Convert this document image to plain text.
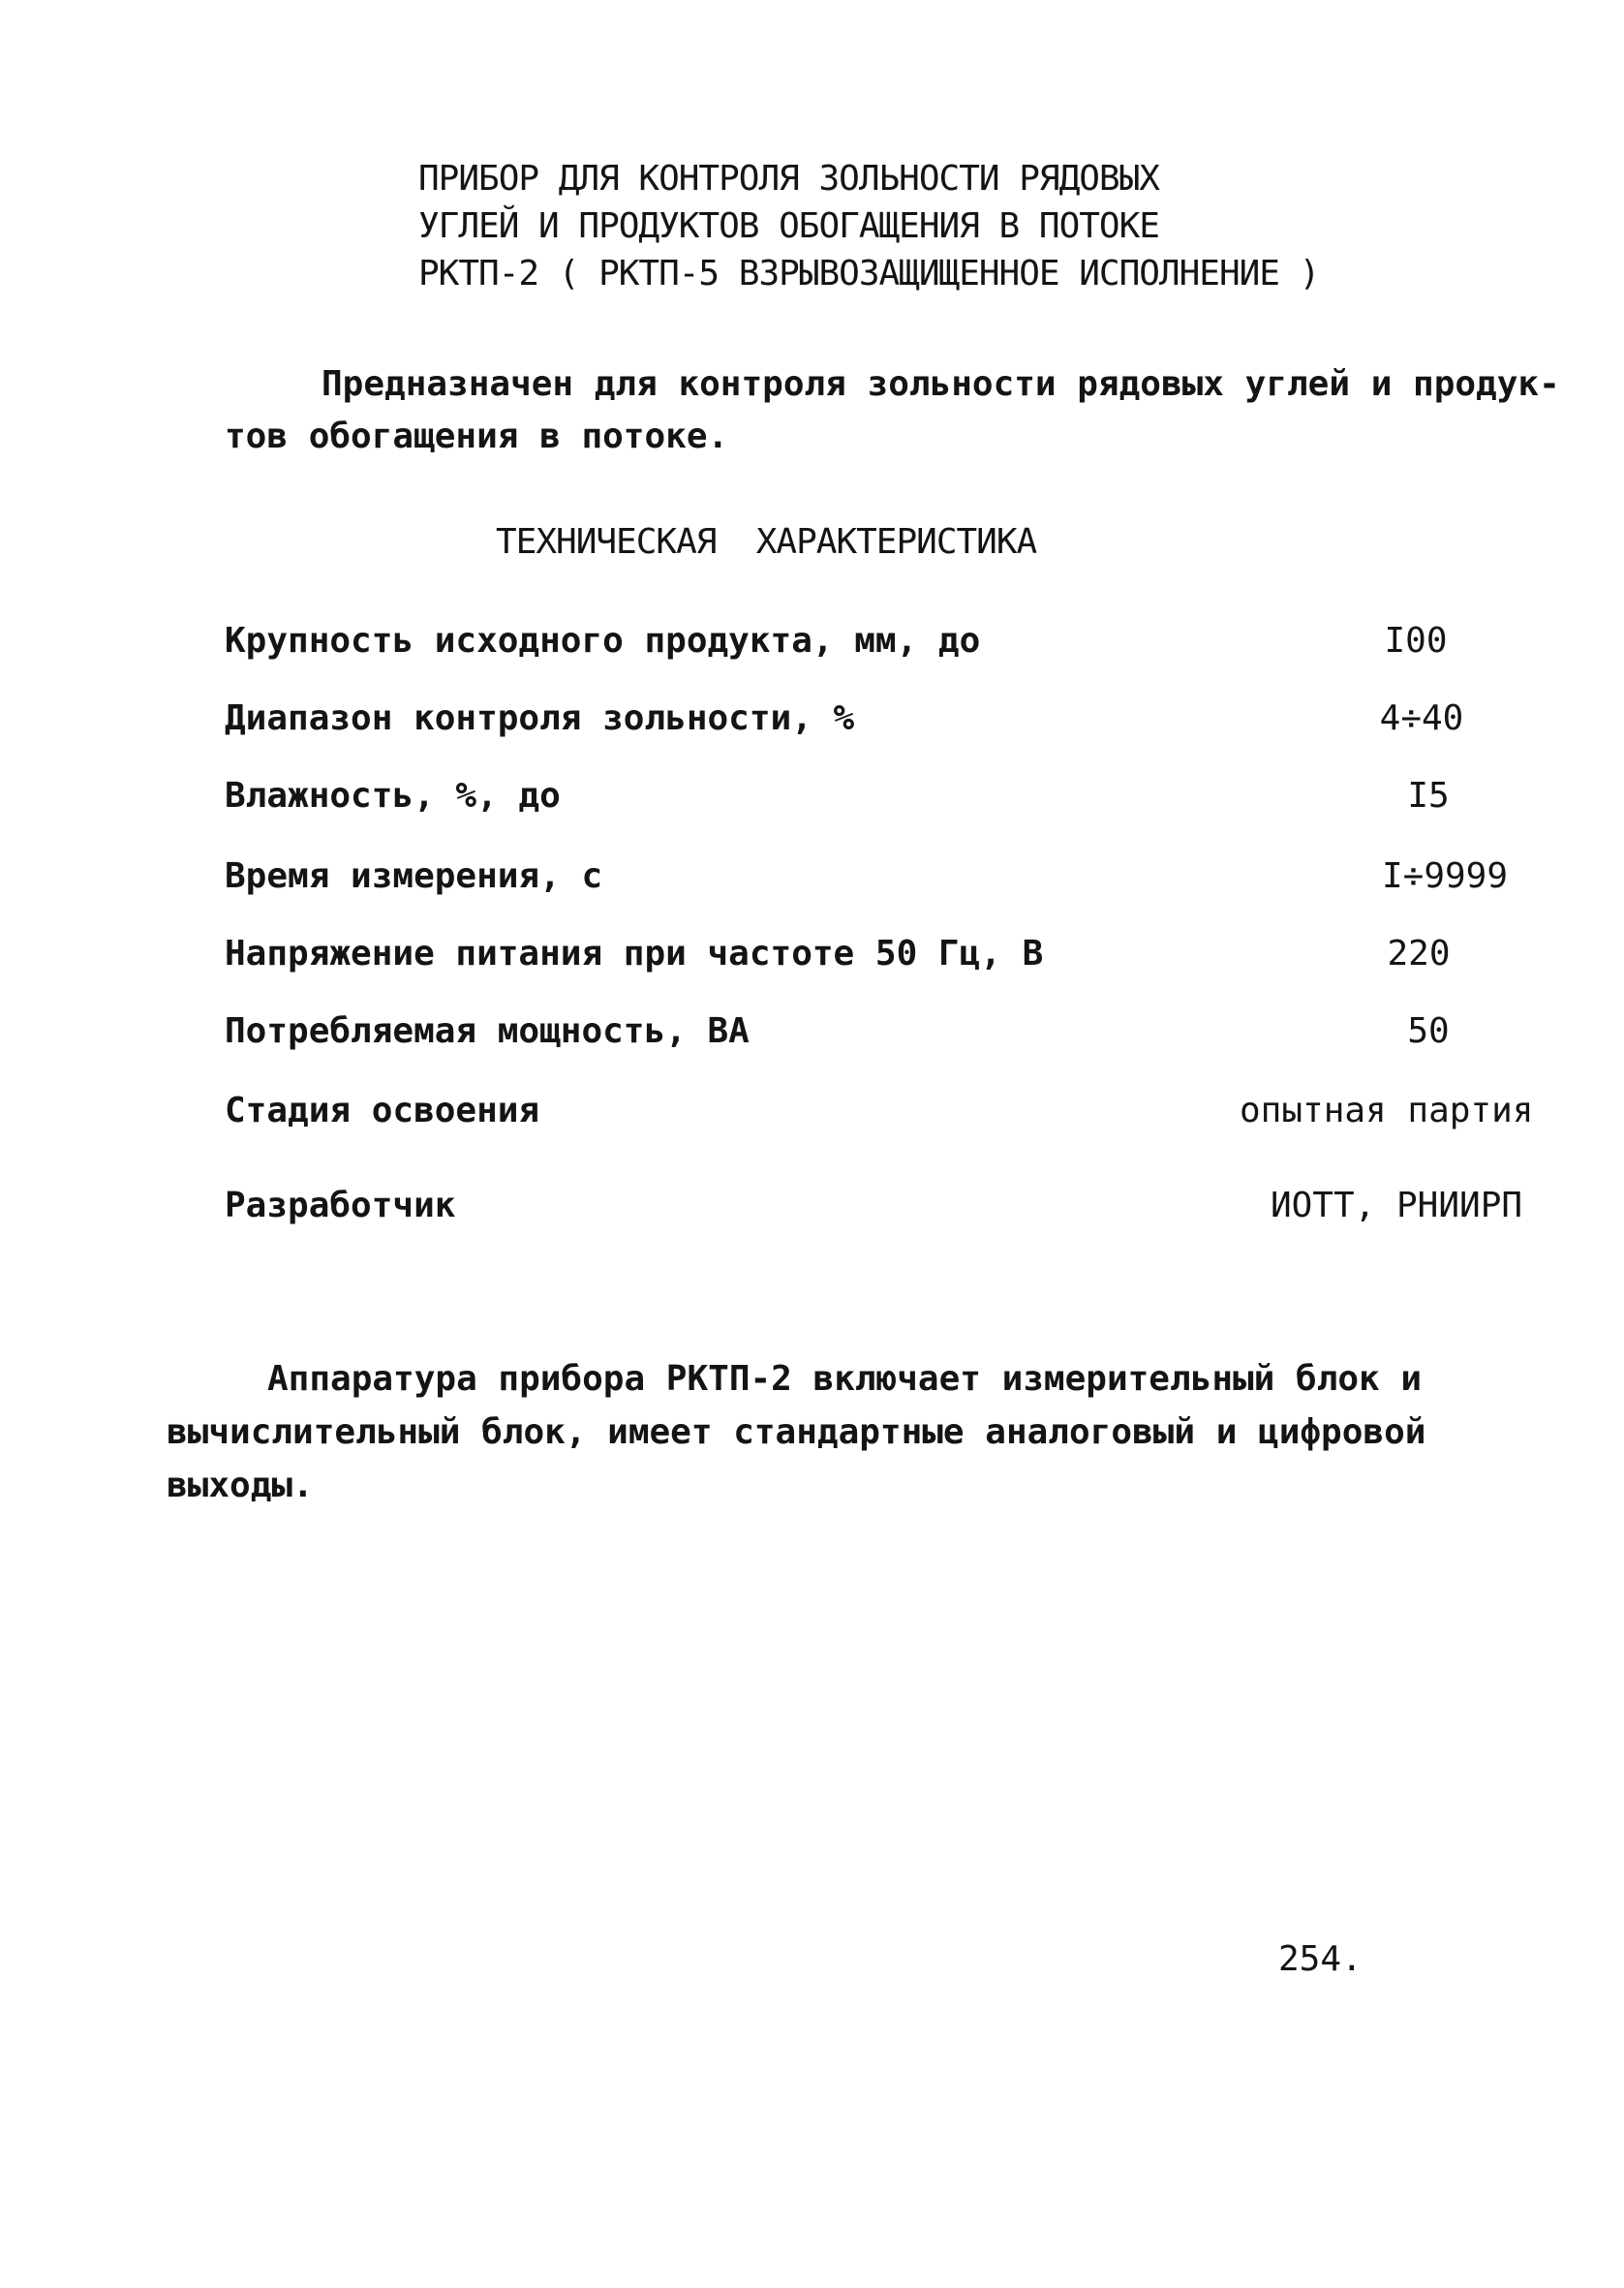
ПРИБОР ДЛЯ КОНТРОЛЯ ЗОЛЬНОСТИ РЯДОВЫХ
УГЛЕЙ И ПРОДУКТОВ ОБОГАЩЕНИЯ В ПОТОКЕ
РКТП-2 ( РКТП-5 ВЗРЫВОЗАЩИЩЕННОЕ ИСПОЛНЕНИЕ )
Предназначен для контроля зольности рядовых углей и продук-
тов обогащения в потоке.
ТЕХНИЧЕСКАЯ  ХАРАКТЕРИСТИКА
Крупность исходного продукта, мм, до	I00
Диапазон контроля зольности, %	4÷40
Влажность, %, до	I5
Время измерения, с	I÷9999
Напряжение питания при частоте 50 Гц, В	220
Потребляемая мощность, ВА	50
Стадия освоения	опытная партия
Разработчик	ИОТТ, РНИИРП
Аппаратура прибора РКТП-2 включает измерительный блок и
вычислительный блок, имеет стандартные аналоговый и цифровой
выходы.
254.
